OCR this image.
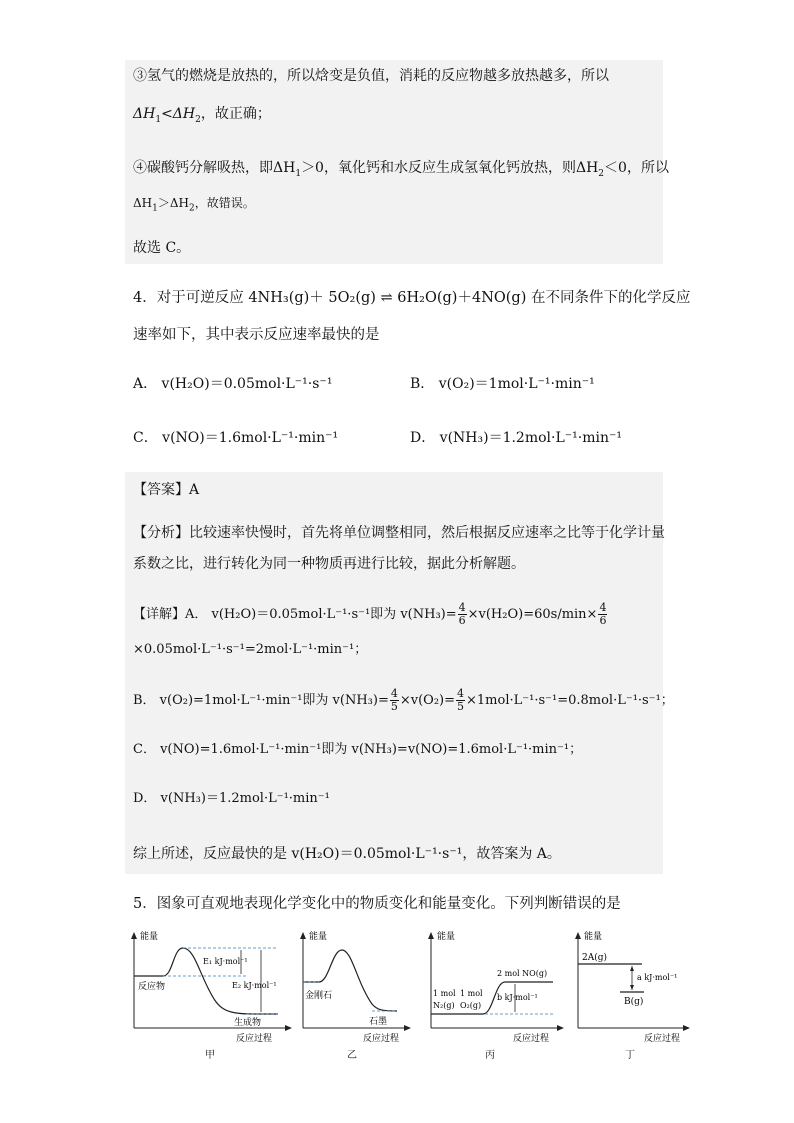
③氢气的燃烧是放热的，所以焓变是负值，消耗的反应物越多放热越多，所以
$\Delta H_1<\Delta H_2$，故正确；
④碳酸钙分解吸热，即$\Delta H_1>0$，氧化钙和水反应生成氢氧化钙放热，则$\Delta H_2<0$，所以
$\Delta H_1>\Delta H_2$，故错误。
故选 C。
4．对于可逆反应 4NH₃(g)＋ 5O₂(g) ⇌ 6H₂O(g)＋4NO(g) 在不同条件下的化学反应
速率如下，其中表示反应速率最快的是
A． v(H₂O)＝0.05mol·L⁻¹·s⁻¹	B． v(O₂)＝1mol·L⁻¹·min⁻¹
C． v(NO)＝1.6mol·L⁻¹·min⁻¹	D． v(NH₃)＝1.2mol·L⁻¹·min⁻¹
【答案】A
【分析】比较速率快慢时，首先将单位调整相同，然后根据反应速率之比等于化学计量
系数之比，进行转化为同一种物质再进行比较，据此分析解题。
【详解】A． v(H₂O)＝0.05mol·L⁻¹·s⁻¹即为 $v(NH_3)= \frac{4}{6} \times v(H_2O)=60s/\min\times \frac{4}{6}$
×0.05mol·L⁻¹·s⁻¹=2mol·L⁻¹·min⁻¹；
B． v(O₂)=1mol·L⁻¹·min⁻¹即为 $v(NH_3)= \frac{4}{5} \times v(O_2)= \frac{4}{5} \times 1mol\cdot L^{-1}\cdot s^{-1}=0.8mol\cdot L^{-1}\cdot s^{-1}$；
C． v(NO)=1.6mol·L⁻¹·min⁻¹即为 v(NH₃)=v(NO)=1.6mol·L⁻¹·min⁻¹；
D． v(NH₃)＝1.2mol·L⁻¹·min⁻¹
综上所述，反应最快的是 v(H₂O)＝0.05mol·L⁻¹·s⁻¹，故答案为 A。
5．图象可直观地表现化学变化中的物质变化和能量变化。下列判断错误的是
能量
反应过程
E₁ kJ·mol⁻¹
E₂ kJ·mol⁻¹
反应物
生成物
甲
能量
反应过程
金刚石
石墨
乙
能量
反应过程
1 mol
N₂(g)
1 mol
O₂(g)
2 mol NO(g)
b kJ·mol⁻¹
丙
能量
反应过程
2A(g)
B(g)
a kJ·mol⁻¹
丁
